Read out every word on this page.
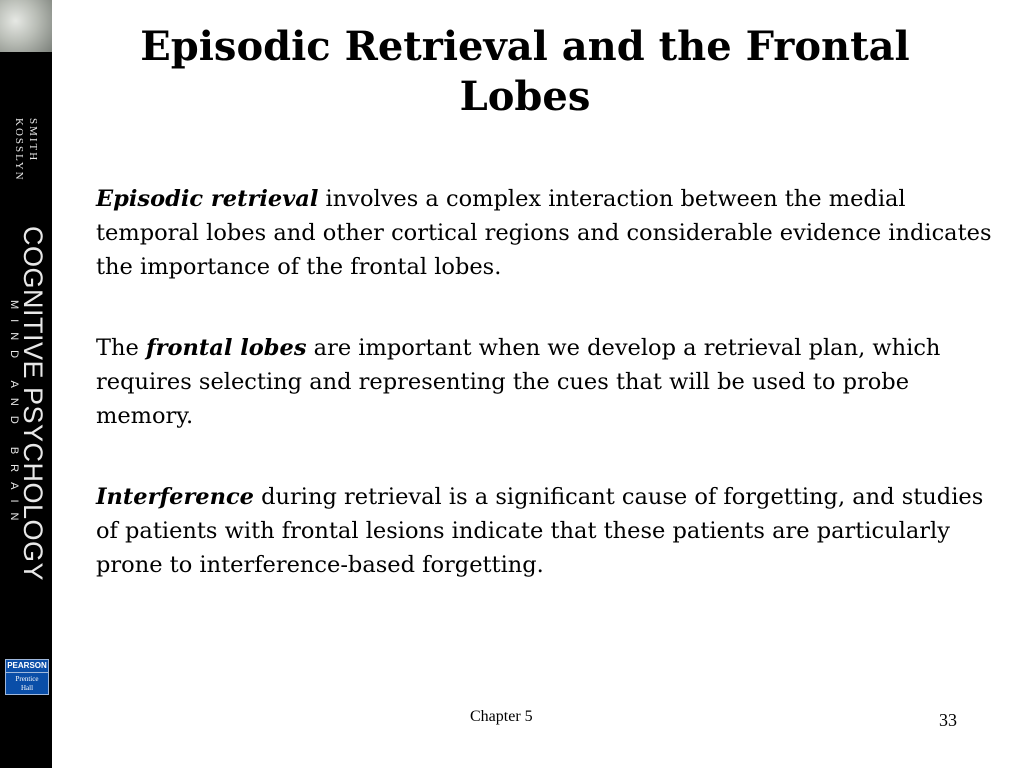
SMITH
KOSSLYN
COGNITIVE PSYCHOLOGY
MIND AND BRAIN
PEARSON
Prentice
Hall
Episodic Retrieval and the Frontal Lobes

Episodic retrieval involves a complex interaction between the medial temporal lobes and other cortical regions and considerable evidence indicates the importance of the frontal lobes.

The frontal lobes are important when we develop a retrieval plan, which requires selecting and representing the cues that will be used to probe memory.

Interference during retrieval is a significant cause of forgetting, and studies of patients with frontal lesions indicate that these patients are particularly prone to interference-based forgetting.

Chapter 5	33
